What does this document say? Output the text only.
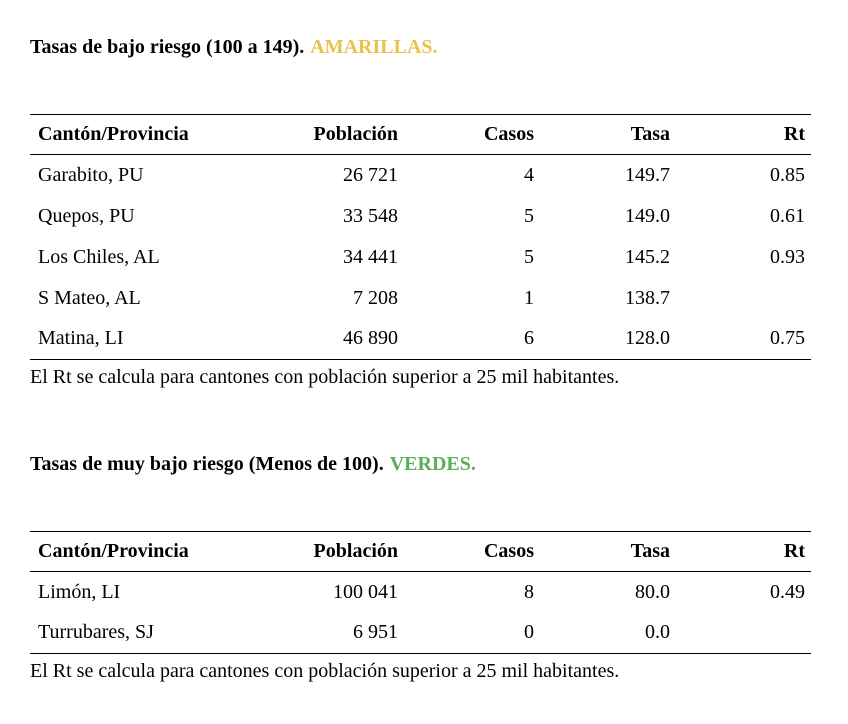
Tasas de bajo riesgo (100 a 149). AMARILLAS.

Cantón/Provincia	Población	Casos	Tasa	Rt
Garabito, PU	26 721	4	149.7	0.85
Quepos, PU	33 548	5	149.0	0.61
Los Chiles, AL	34 441	5	145.2	0.93
S Mateo, AL	7 208	1	138.7	
Matina, LI	46 890	6	128.0	0.75

El Rt se calcula para cantones con población superior a 25 mil habitantes.

Tasas de muy bajo riesgo (Menos de 100). VERDES.

Cantón/Provincia	Población	Casos	Tasa	Rt
Limón, LI	100 041	8	80.0	0.49
Turrubares, SJ	6 951	0	0.0	

El Rt se calcula para cantones con población superior a 25 mil habitantes.
